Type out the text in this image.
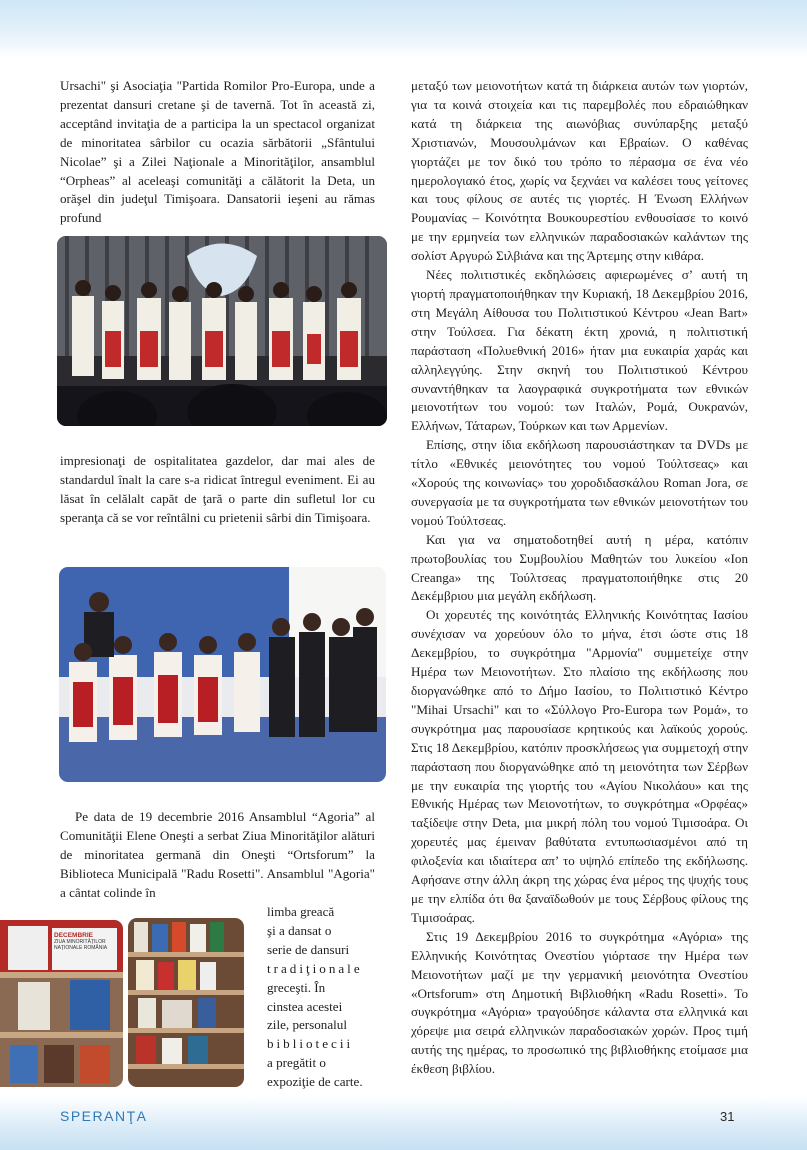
Ursachi" şi Asociaţia "Partida Romilor Pro-Europa, unde a prezentat dansuri cretane şi de tavernă. Tot în această zi, acceptând invitaţia de a participa la un spectacol organizat de minoritatea sârbilor cu ocazia sărbătorii „Sfântului Nicolae” şi a Zilei Naţionale a Minorităţilor, ansamblul “Orpheas” al aceleaşi comunităţi a călătorit la Deta, un orăşel din judeţul Timişoara. Dansatorii ieşeni au rămas profund

impresionaţi de ospitalitatea gazdelor, dar mai ales de standardul înalt la care s-a ridicat întregul eveniment. Ei au lăsat în celălalt capăt de ţară o parte din sufletul lor cu speranţa că se vor reîntâlni cu prietenii sârbi din Timişoara.

Pe data de 19 decembrie 2016 Ansamblul “Agoria” al Comunităţii Elene Oneşti a serbat Ziua Minorităţilor alături de minoritatea germană din Oneşti “Ortsforum” la Biblioteca Municipală "Radu Rosetti". Ansamblul "Agoria" a cântat colinde în

DECEMBRIE
ZIUA MINORITĂȚILOR NAȚIONALE ROMÂNIA

limba greacă

şi a dansat o

serie de dansuri

tradiţionale

greceşti. În

cinstea acestei

zile, personalul

bibliotecii

a pregătit o

expoziţie de carte.

μεταξύ των μειονοτήτων κατά τη διάρκεια αυτών των γιορτών, για τα κοινά στοιχεία και τις παρεμβολές που εδραιώθηκαν κατά τη διάρκεια της αιωνόβιας συνύπαρξης μεταξύ Χριστιανών, Μουσουλμάνων και Εβραίων. Ο καθένας γιορτάζει με τον δικό του τρόπο το πέρασμα σε ένα νέο ημερολογιακό έτος, χωρίς να ξεχνάει να καλέσει τους γείτονες και τους φίλους σε αυτές τις γιορτές. Η Ένωση Ελλήνων Ρουμανίας – Κοινότητα Βουκουρεστίου ενθουσίασε το κοινό με την ερμηνεία των ελληνικών παραδοσιακών καλάντων της σολίστ Αργυρώ Σιλβιάνα και της Άρτεμης στην κιθάρα.

Νέες πολιτιστικές εκδηλώσεις αφιερωμένες σ’ αυτή τη γιορτή πραγματοποιήθηκαν την Κυριακή, 18 Δεκεμβρίου 2016, στη Μεγάλη Αίθουσα του Πολιτιστικού Κέντρου «Jean Bart» στην Τούλσεα. Για δέκατη έκτη χρονιά, η πολιτιστική παράσταση «Πολυεθνική 2016» ήταν μια ευκαιρία χαράς και αλληλεγγύης. Στην σκηνή του Πολιτιστικού Κέντρου συναντήθηκαν τα λαογραφικά συγκροτήματα των εθνικών μειονοτήτων του νομού: των Ιταλών, Ρομά, Ουκρανών, Ελλήνων, Τάταρων, Τούρκων και των Αρμενίων.

Επίσης, στην ίδια εκδήλωση παρουσιάστηκαν τα DVDs με τίτλο «Εθνικές μειονότητες του νομού Τούλτσεας» και «Χορούς της κοινωνίας» του χοροδιδασκάλου Roman Jora, σε συνεργασία με τα συγκροτήματα των εθνικών μειονοτήτων του νομού Τούλτσεας.

Και για να σηματοδοτηθεί αυτή η μέρα, κατόπιν πρωτοβουλίας του Συμβουλίου Μαθητών του λυκείου «Ion Creanga» της Τούλτσεας πραγματοποιήθηκε στις 20 Δεκέμβριου μια μεγάλη εκδήλωση.

Οι χορευτές της κοινότητάς Ελληνικής Κοινότητας Ιασίου συνέχισαν να χορεύουν όλο το μήνα, έτσι ώστε στις 18 Δεκεμβρίου, το συγκρότημα "Αρμονία" συμμετείχε στην Ημέρα των Μειονοτήτων. Στο πλαίσιο της εκδήλωσης που διοργανώθηκε από το Δήμο Ιασίου, το Πολιτιστικό Κέντρο "Mihai Ursachi" και το «Σύλλογο Pro-Europa των Ρομά», το συγκρότημα μας παρουσίασε κρητικούς και λαϊκούς χορούς. Στις 18 Δεκεμβρίου, κατόπιν προσκλήσεως για συμμετοχή στην παράσταση που διοργανώθηκε από τη μειονότητα των Σέρβων με την ευκαιρία της γιορτής του «Αγίου Νικολάου» και της Εθνικής Ημέρας των Μειονοτήτων, το συγκρότημα «Ορφέας» ταξίδεψε στην Deta, μια μικρή πόλη του νομού Τιμισοάρα. Οι χορευτές μας έμειναν βαθύτατα εντυπωσιασμένοι από τη φιλοξενία και ιδιαίτερα απ’ το υψηλό επίπεδο της εκδήλωσης. Αφήσανε στην άλλη άκρη της χώρας ένα μέρος της ψυχής τους με την ελπίδα ότι θα ξαναϊδωθούν με τους Σέρβους φίλους της Τιμισοάρας.

Στις 19 Δεκεμβρίου 2016 το συγκρότημα «Αγόρια» της Ελληνικής Κοινότητας Ονεστίου γιόρτασε την Ημέρα των Μειονοτήτων μαζί με την γερμανική μειονότητα Ονεστίου «Ortsforum» στη Δημοτική Βιβλιοθήκη «Radu Rosetti». Το συγκρότημα «Αγόρια» τραγούδησε κάλαντα στα ελληνικά και χόρεψε μια σειρά ελληνικών παραδοσιακών χορών. Προς τιμή αυτής της ημέρας, το προσωπικό της βιβλιοθήκης ετοίμασε μια έκθεση βιβλίου.

SPERANŢA	31
